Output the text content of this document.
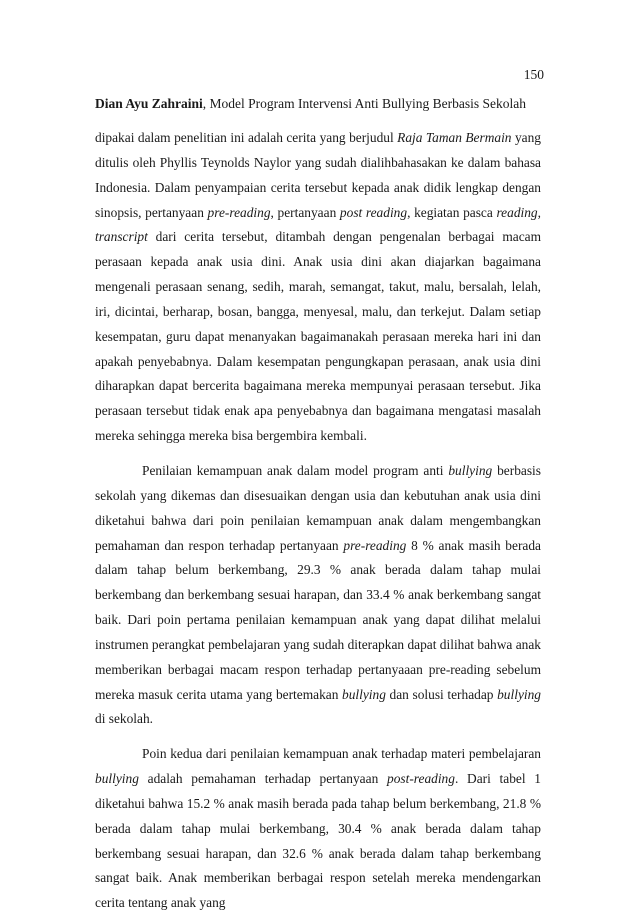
150
Dian Ayu Zahraini, Model Program Intervensi Anti Bullying Berbasis Sekolah

dipakai dalam penelitian ini adalah cerita yang berjudul Raja Taman Bermain yang ditulis oleh Phyllis Teynolds Naylor yang sudah dialihbahasakan ke dalam bahasa Indonesia. Dalam penyampaian cerita tersebut kepada anak didik lengkap dengan sinopsis, pertanyaan pre-reading, pertanyaan post reading, kegiatan pasca reading, transcript dari cerita tersebut, ditambah dengan pengenalan berbagai macam perasaan kepada anak usia dini. Anak usia dini akan diajarkan bagaimana mengenali perasaan senang, sedih, marah, semangat, takut, malu, bersalah, lelah, iri, dicintai, berharap, bosan, bangga, menyesal, malu, dan terkejut. Dalam setiap kesempatan, guru dapat menanyakan bagaimanakah perasaan mereka hari ini dan apakah penyebabnya. Dalam kesempatan pengungkapan perasaan, anak usia dini diharapkan dapat bercerita bagaimana mereka mempunyai perasaan tersebut. Jika perasaan tersebut tidak enak apa penyebabnya dan bagaimana mengatasi masalah mereka sehingga mereka bisa bergembira kembali.

Penilaian kemampuan anak dalam model program anti bullying berbasis sekolah yang dikemas dan disesuaikan dengan usia dan kebutuhan anak usia dini diketahui bahwa dari poin penilaian kemampuan anak dalam mengembangkan pemahaman dan respon terhadap pertanyaan pre-reading 8 % anak masih berada dalam tahap belum berkembang, 29.3 % anak berada dalam tahap mulai berkembang dan berkembang sesuai harapan, dan 33.4 % anak berkembang sangat baik. Dari poin pertama penilaian kemampuan anak yang dapat dilihat melalui instrumen perangkat pembelajaran yang sudah diterapkan dapat dilihat bahwa anak memberikan berbagai macam respon terhadap pertanyaaan pre-reading sebelum mereka masuk cerita utama yang bertemakan bullying dan solusi terhadap bullying di sekolah.

Poin kedua dari penilaian kemampuan anak terhadap materi pembelajaran bullying adalah pemahaman terhadap pertanyaan post-reading. Dari tabel 1 diketahui bahwa 15.2 % anak masih berada pada tahap belum berkembang, 21.8 % berada dalam tahap mulai berkembang, 30.4 % anak berada dalam tahap berkembang sesuai harapan, dan 32.6 % anak berada dalam tahap berkembang sangat baik. Anak memberikan berbagai respon setelah mereka mendengarkan cerita tentang anak yang
